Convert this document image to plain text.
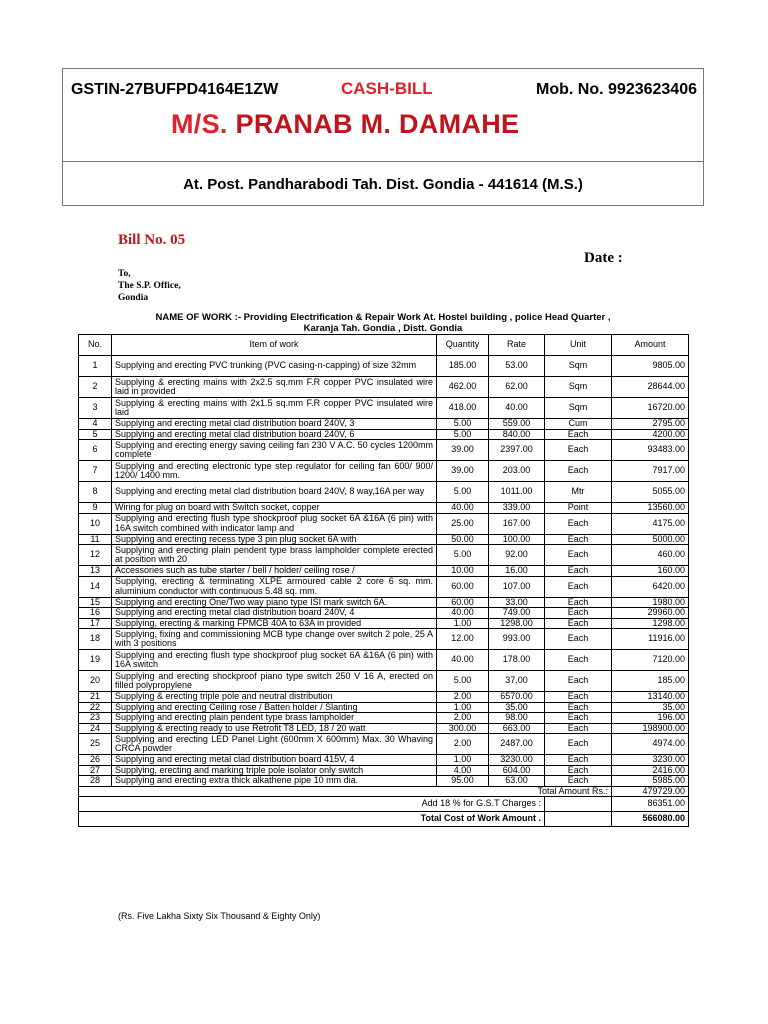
GSTIN-27BUFPD4164E1ZW	CASH-BILL	Mob. No. 9923623406
M/S. PRANAB M. DAMAHE
At. Post. Pandharabodi Tah. Dist. Gondia - 441614 (M.S.)
Bill No. 05
Date :
To,
The S.P. Office,
Gondia
NAME OF WORK :- Providing Electrification & Repair Work At. Hostel building , police Head Quarter ,
Karanja Tah. Gondia , Distt. Gondia
No.	Item of work	Quantity	Rate	Unit	Amount
1	Supplying and erecting PVC trunking (PVC casing-n-capping) of size 32mm	185.00	53.00	Sqm	9805.00
2	Supplying & erecting mains with 2x2.5 sq.mm F.R copper PVC insulated wire laid in provided	462.00	62.00	Sqm	28644.00
3	Supplying & erecting mains with 2x1.5 sq.mm F.R copper PVC insulated wire laid	418.00	40.00	Sqm	16720.00
4	Supplying and erecting metal clad distribution board 240V, 3	5.00	559.00	Cum	2795.00
5	Supplying and erecting metal clad distribution board 240V, 6	5.00	840.00	Each	4200.00
6	Supplying and erecting energy saving ceiling fan 230 V A.C. 50 cycles 1200mm complete	39.00	2397.00	Each	93483.00
7	Supplying and erecting electronic type step regulator for ceiling fan 600/ 900/ 1200/ 1400 mm.	39.00	203.00	Each	7917.00
8	Supplying and erecting metal clad distribution board 240V, 8 way,16A per way	5.00	1011.00	Mtr	5055.00
9	Wiring for plug on board with Switch socket, copper	40.00	339.00	Point	13560.00
10	Supplying and erecting flush type shockproof plug socket 6A &16A (6 pin) with 16A switch combined with indicator lamp and	25.00	167.00	Each	4175.00
11	Supplying and erecting recess type 3 pin plug socket 6A with	50.00	100.00	Each	5000.00
12	Supplying and erecting plain pendent type brass lampholder complete erected at position with 20	5.00	92.00	Each	460.00
13	Accessories such as tube starter / bell / holder/ ceiling rose /	10.00	16.00	Each	160.00
14	Supplying, erecting & terminating XLPE armoured cable 2 core 6 sq. mm. aluminium conductor with continuous 5.48 sq. mm.	60.00	107.00	Each	6420.00
15	Supplying and erecting One/Two way piano type ISI mark switch 6A.	60.00	33.00	Each	1980.00
16	Supplying and erecting metal clad distribution board 240V, 4	40.00	749.00	Each	29960.00
17	Supplying, erecting & marking FPMCB 40A to 63A in provided	1.00	1298.00	Each	1298.00
18	Supplying, fixing and commissioning MCB type change over switch 2 pole, 25 A with 3 positions	12.00	993.00	Each	11916.00
19	Supplying and erecting flush type shockproof plug socket 6A &16A (6 pin) with 16A switch	40.00	178.00	Each	7120.00
20	Supplying and erecting shockproof piano type switch 250 V 16 A, erected on filled polypropylene	5.00	37.00	Each	185.00
21	Supplying & erecting triple pole and neutral distribution	2.00	6570.00	Each	13140.00
22	Supplying and erecting Ceiling rose / Batten holder / Slanting	1.00	35.00	Each	35.00
23	Supplying and erecting plain pendent type brass lampholder	2.00	98.00	Each	196.00
24	Supplying & erecting ready to use Retrofit T8 LED, 18 / 20 watt	300.00	663.00	Each	198900.00
25	Supplying and erecting LED Panel Light (600mm X 600mm) Max. 30 Whaving CRCA powder	2.00	2487.00	Each	4974.00
26	Supplying and erecting metal clad distribution board 415V, 4	1.00	3230.00	Each	3230.00
27	Supplying, erecting and marking triple pole isolator only switch	4.00	604.00	Each	2416.00
28	Supplying and erecting extra thick alkathene pipe 10 mm dia.	95.00	63.00	Each	5985.00
Total Amount Rs.:					479729.00
Add 18 % for G.S.T Charges :					86351.00
Total Cost of Work Amount .					566080.00
(Rs. Five Lakha Sixty Six Thousand & Eighty Only)
